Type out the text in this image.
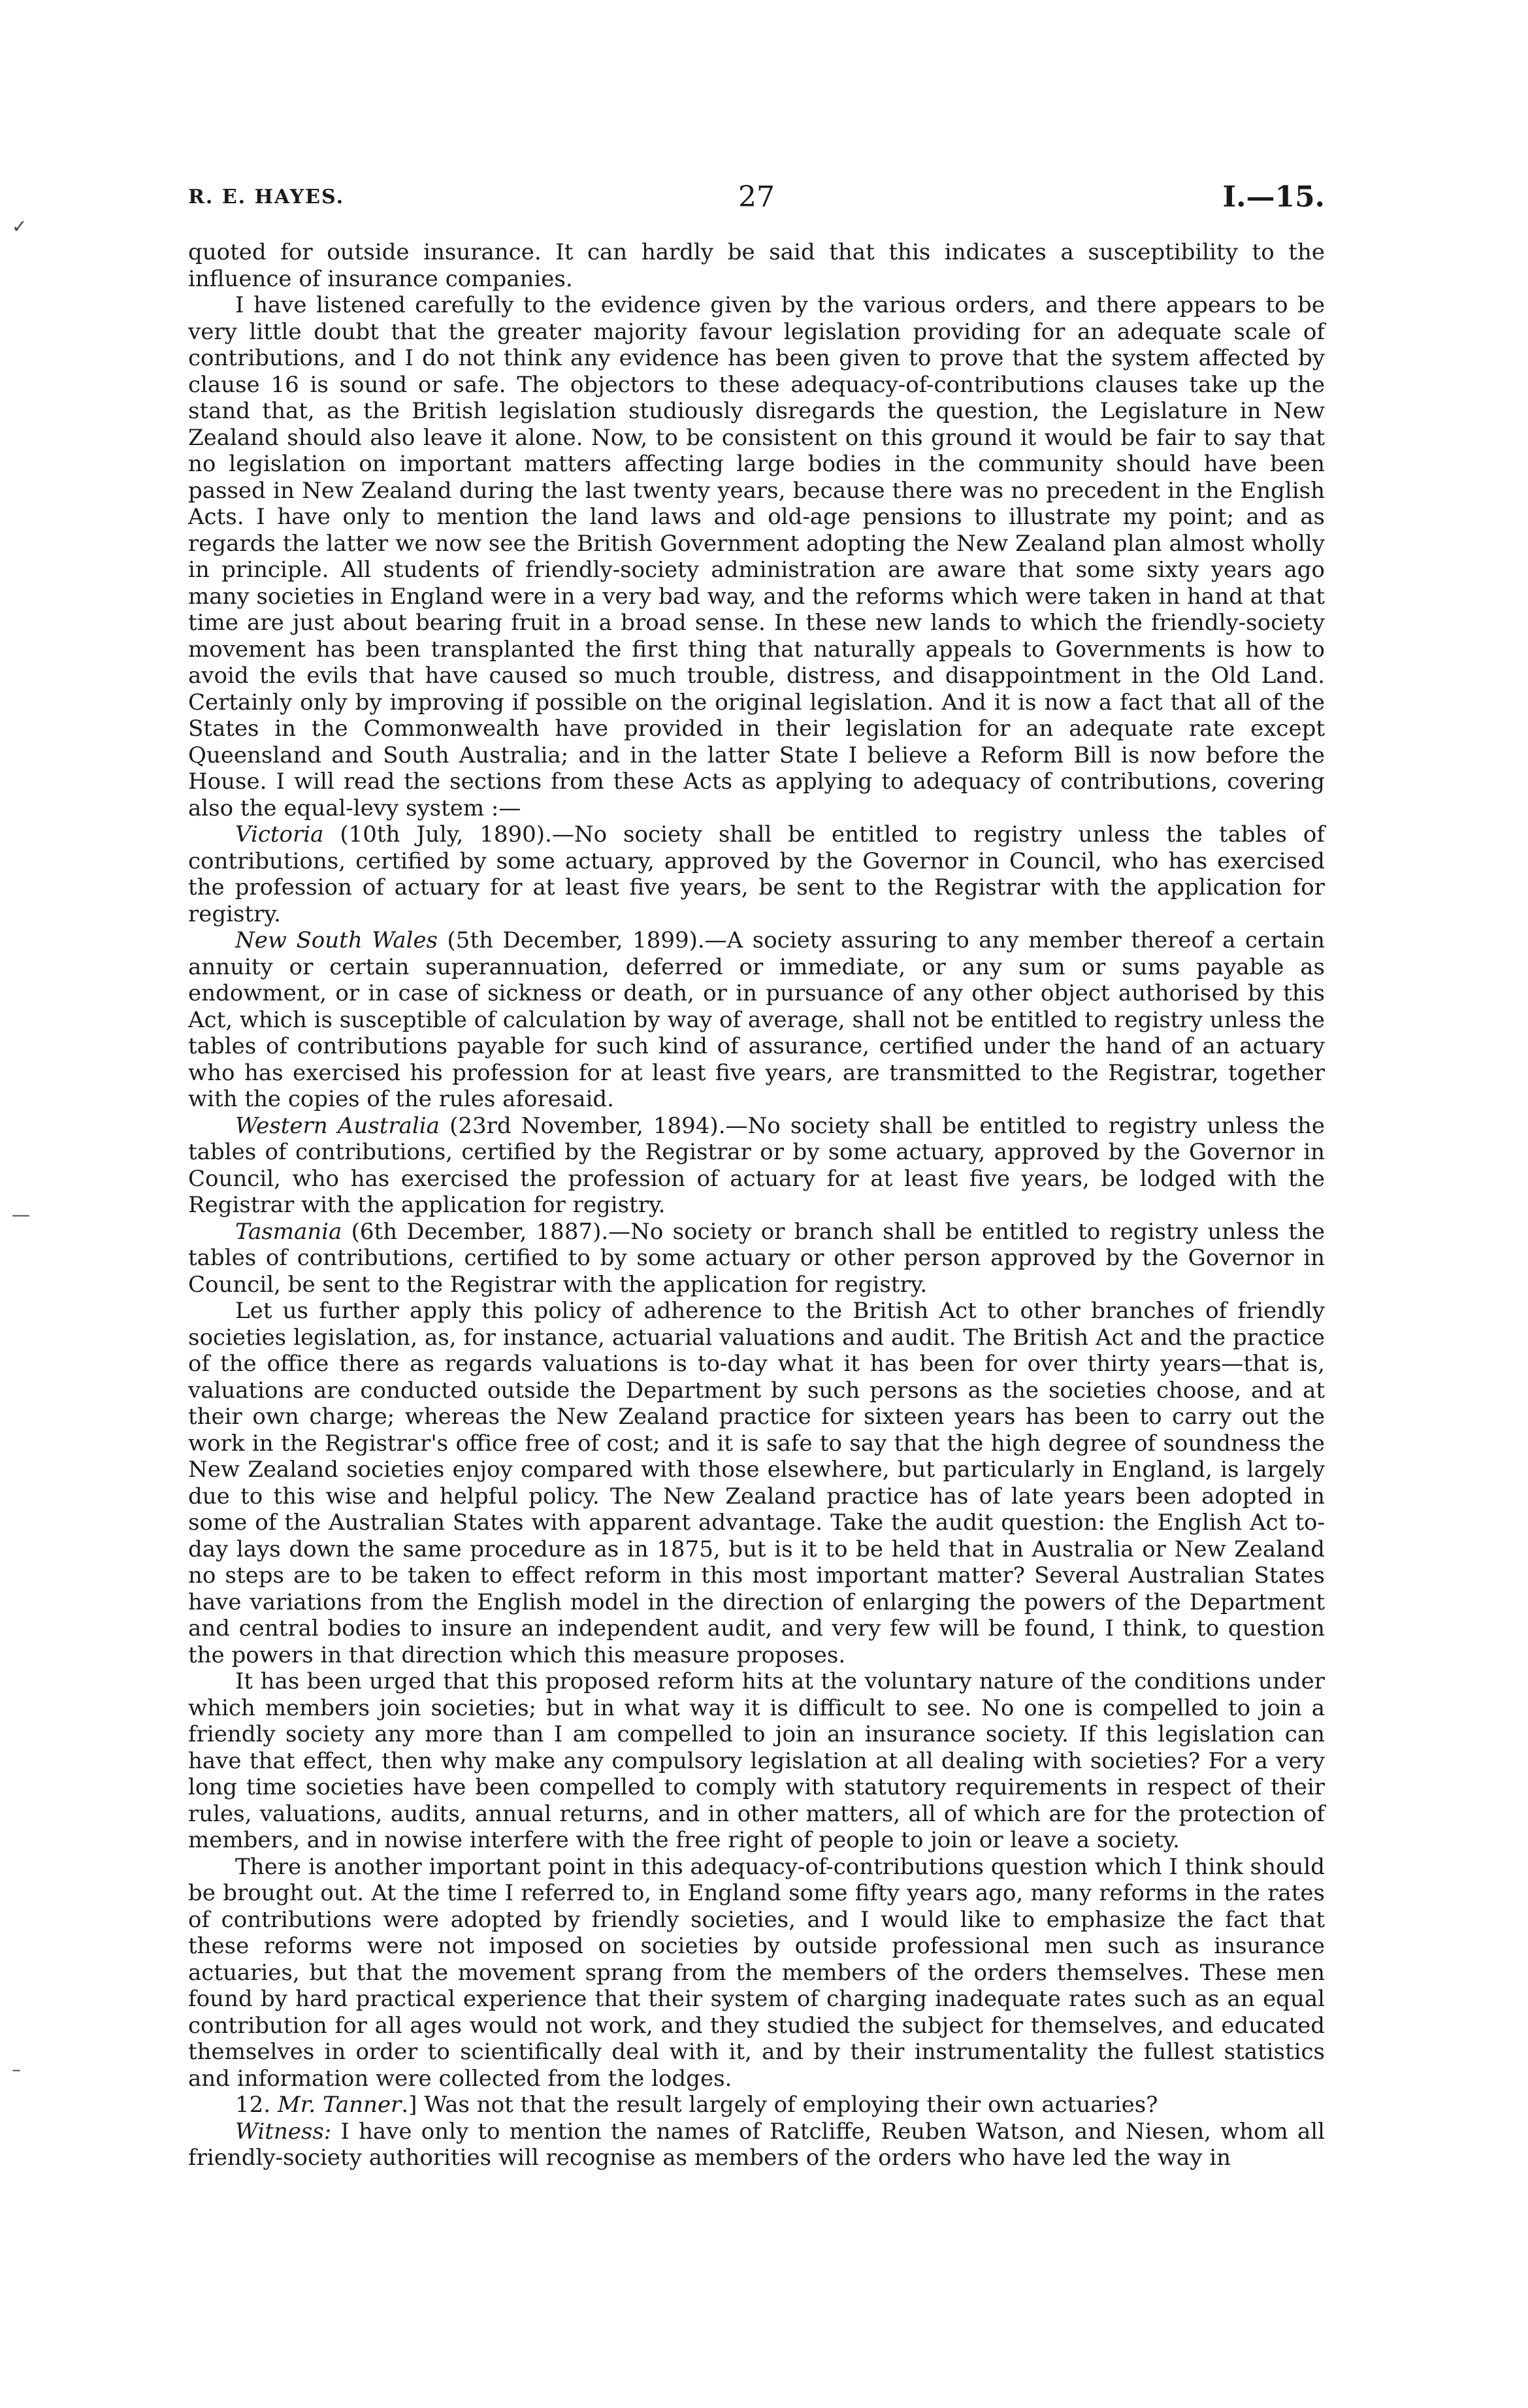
R. E. HAYES.	27	I.—15.
✓
—
–

quoted for outside insurance. It can hardly be said that this indicates a susceptibility to the influence of insurance companies.

I have listened carefully to the evidence given by the various orders, and there appears to be very little doubt that the greater majority favour legislation providing for an adequate scale of contributions, and I do not think any evidence has been given to prove that the system affected by clause 16 is sound or safe. The objectors to these adequacy-of-contributions clauses take up the stand that, as the British legislation studiously disregards the question, the Legislature in New Zealand should also leave it alone. Now, to be consistent on this ground it would be fair to say that no legislation on important matters affecting large bodies in the community should have been passed in New Zealand during the last twenty years, because there was no precedent in the English Acts. I have only to mention the land laws and old-age pensions to illustrate my point; and as regards the latter we now see the British Government adopting the New Zealand plan almost wholly in principle. All students of friendly-society administration are aware that some sixty years ago many societies in England were in a very bad way, and the reforms which were taken in hand at that time are just about bearing fruit in a broad sense. In these new lands to which the friendly-society movement has been transplanted the first thing that naturally appeals to Governments is how to avoid the evils that have caused so much trouble, distress, and disappointment in the Old Land. Certainly only by improving if possible on the original legislation. And it is now a fact that all of the States in the Commonwealth have provided in their legislation for an adequate rate except Queensland and South Australia; and in the latter State I believe a Reform Bill is now before the House. I will read the sections from these Acts as applying to adequacy of contributions, covering also the equal-levy system :—

Victoria (10th July, 1890).—No society shall be entitled to registry unless the tables of contributions, certified by some actuary, approved by the Governor in Council, who has exercised the profession of actuary for at least five years, be sent to the Registrar with the application for registry.

New South Wales (5th December, 1899).—A society assuring to any member thereof a certain annuity or certain superannuation, deferred or immediate, or any sum or sums payable as endowment, or in case of sickness or death, or in pursuance of any other object authorised by this Act, which is susceptible of calculation by way of average, shall not be entitled to registry unless the tables of contributions payable for such kind of assurance, certified under the hand of an actuary who has exercised his profession for at least five years, are transmitted to the Registrar, together with the copies of the rules aforesaid.

Western Australia (23rd November, 1894).—No society shall be entitled to registry unless the tables of contributions, certified by the Registrar or by some actuary, approved by the Governor in Council, who has exercised the profession of actuary for at least five years, be lodged with the Registrar with the application for registry.

Tasmania (6th December, 1887).—No society or branch shall be entitled to registry unless the tables of contributions, certified to by some actuary or other person approved by the Governor in Council, be sent to the Registrar with the application for registry.

Let us further apply this policy of adherence to the British Act to other branches of friendly societies legislation, as, for instance, actuarial valuations and audit. The British Act and the practice of the office there as regards valuations is to-day what it has been for over thirty years—that is, valuations are conducted outside the Department by such persons as the societies choose, and at their own charge; whereas the New Zealand practice for sixteen years has been to carry out the work in the Registrar's office free of cost; and it is safe to say that the high degree of soundness the New Zealand societies enjoy compared with those elsewhere, but particularly in England, is largely due to this wise and helpful policy. The New Zealand practice has of late years been adopted in some of the Australian States with apparent advantage. Take the audit question: the English Act to-day lays down the same procedure as in 1875, but is it to be held that in Australia or New Zealand no steps are to be taken to effect reform in this most important matter? Several Australian States have variations from the English model in the direction of enlarging the powers of the Department and central bodies to insure an independent audit, and very few will be found, I think, to question the powers in that direction which this measure proposes.

It has been urged that this proposed reform hits at the voluntary nature of the conditions under which members join societies; but in what way it is difficult to see. No one is compelled to join a friendly society any more than I am compelled to join an insurance society. If this legislation can have that effect, then why make any compulsory legislation at all dealing with societies? For a very long time societies have been compelled to comply with statutory requirements in respect of their rules, valuations, audits, annual returns, and in other matters, all of which are for the protection of members, and in nowise interfere with the free right of people to join or leave a society.

There is another important point in this adequacy-of-contributions question which I think should be brought out. At the time I referred to, in England some fifty years ago, many reforms in the rates of contributions were adopted by friendly societies, and I would like to emphasize the fact that these reforms were not imposed on societies by outside professional men such as insurance actuaries, but that the movement sprang from the members of the orders themselves. These men found by hard practical experience that their system of charging inadequate rates such as an equal contribution for all ages would not work, and they studied the subject for themselves, and educated themselves in order to scientifically deal with it, and by their instrumentality the fullest statistics and information were collected from the lodges.

12. Mr. Tanner.] Was not that the result largely of employing their own actuaries?

Witness: I have only to mention the names of Ratcliffe, Reuben Watson, and Niesen, whom all friendly-society authorities will recognise as members of the orders who have led the way in
